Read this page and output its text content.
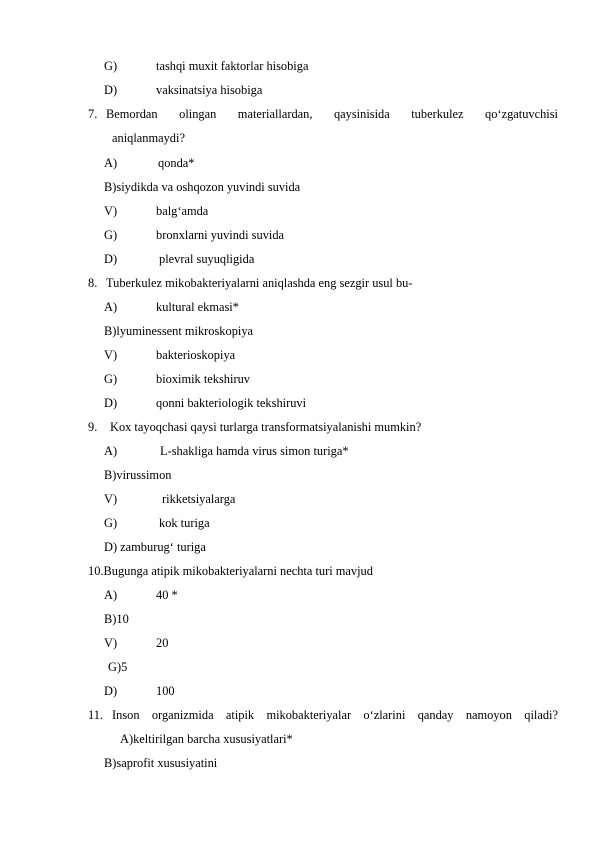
G)	tashqi muxit faktorlar hisobiga
D)	vaksinatsiya hisobiga
7. Bemordan olingan materiallardan, qaysinisida tuberkulez qo‘zgatuvchisi
aniqlanmaydi?
A)	qonda*
B)siydikda va oshqozon yuvindi suvida
V)	balg‘amda
G)	bronxlarni yuvindi suvida
D)	plevral suyuqligida
8. Tuberkulez mikobakteriyalarni aniqlashda eng sezgir usul bu-
A)	kultural ekmasi*
B)lyuminessent mikroskopiya
V)	bakterioskopiya
G)	bioximik tekshiruv
D)	qonni bakteriologik tekshiruvi
9. Kox tayoqchasi qaysi turlarga transformatsiyalanishi mumkin?
A)	L-shakliga hamda virus simon turiga*
B)virussimon
V)	rikketsiyalarga
G)	kok turiga
D) zamburug‘ turiga
10.Bugunga atipik mikobakteriyalarni nechta turi mavjud
A)	40 *
B)10
V)	20
G)5
D)	100
11. Inson organizmida atipik mikobakteriyalar o‘zlarini qanday namoyon qiladi?
A)keltirilgan barcha xususiyatlari*
B)saprofit xususiyatini
